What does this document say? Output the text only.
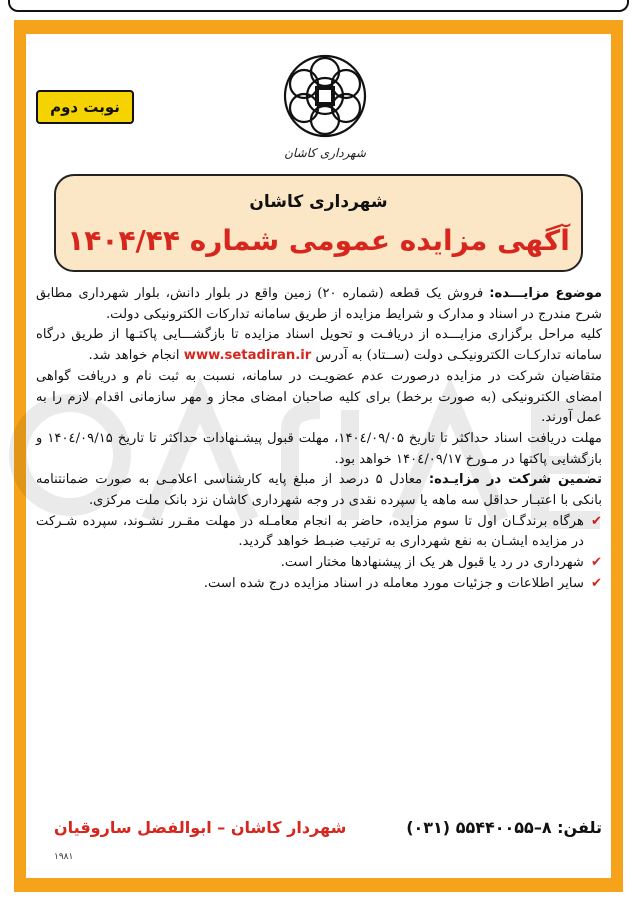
نوبت دوم
شهرداری کاشان
شهرداری کاشان
آگهی مزایده عمومی شماره ۱۴۰۴/۴۴

موضوع مزایـــده: فروش یک قطعه (شماره ۲۰) زمین واقع در بلوار دانش، بلوار شهرداری مطابق شرح مندرج در اسناد و مدارک و شرایط مزایده از طریق سامانه تدارکات الکترونیکی دولت.

کلیه مراحل برگزاری مزایـــده از دریافـت و تحویل اسناد مزایده تا بازگشـــایی پاکتـها از طریق درگاه سامانه تدارکـات الکترونیکـی دولت (ســتاد) به آدرس www.setadiran.ir انجام خواهد شد.

متقاضیان شرکت در مزایده درصورت عدم عضویـت در سامانه، نسبت به ثبت نام و دریافت گواهی امضای الکترونیکی (به صورت برخط) برای کلیه صاحبان امضای مجاز و مهر سازمانی اقدام لازم را به عمل آورند.

مهلت دریافت اسناد حداکثر تا تاریخ ۱۴۰٤/۰۹/۰۵، مهلت قبول پیشـنهادات حداکثر تا تاریخ ۱۴۰٤/۰۹/۱۵ و بازگشایی پاکتها در مـورخ ۱۴۰٤/۰۹/۱۷ خواهد بود.

تضمین شرکت در مزایـده: معادل ۵ درصد از مبلغ پایه کارشناسی اعلامـی به صورت ضمانتنامه بانکی با اعتبـار حداقل سه ماهه یا سپرده نقدی در وجه شهرداری کاشان نزد بانک ملت مرکزی.

✔
هرگاه برندگـان اول تا سوم مزایده، حاضر به انجام معامـله در مهلت مقـرر نشـوند، سپرده شـرکت در مزایده ایشـان به نفع شهرداری به ترتیب ضبـط خواهد گردید.
✔
شهرداری در رد یا قبول هر یک از پیشنهادها مختار است.
✔
سایر اطلاعات و جزئیات مورد معامله در اسناد مزایده درج شده است.
تلفن: ۸–۵۵۴۴۰۰۵۵ (۰۳۱)
شهردار کاشان – ابوالفضل ساروقیان
۱۹۸۱
